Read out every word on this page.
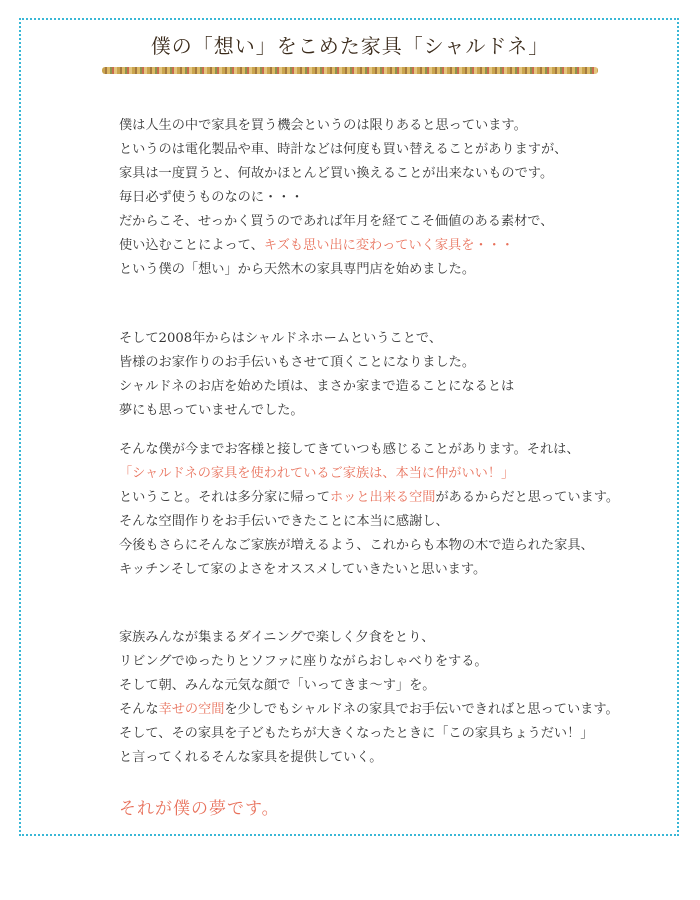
僕の「想い」をこめた家具「シャルドネ」

僕は人生の中で家具を買う機会というのは限りあると思っています。

というのは電化製品や車、時計などは何度も買い替えることがありますが、

家具は一度買うと、何故かほとんど買い換えることが出来ないものです。

毎日必ず使うものなのに・・・

だからこそ、せっかく買うのであれば年月を経てこそ価値のある素材で、

使い込むことによって、キズも思い出に変わっていく家具を・・・

という僕の「想い」から天然木の家具専門店を始めました。

そして2008年からはシャルドネホームということで、

皆様のお家作りのお手伝いもさせて頂くことになりました。

シャルドネのお店を始めた頃は、まさか家まで造ることになるとは

夢にも思っていませんでした。

そんな僕が今までお客様と接してきていつも感じることがあります。それは、

「シャルドネの家具を使われているご家族は、本当に仲がいい！」

ということ。それは多分家に帰ってホッと出来る空間があるからだと思っています。

そんな空間作りをお手伝いできたことに本当に感謝し、

今後もさらにそんなご家族が増えるよう、これからも本物の木で造られた家具、

キッチンそして家のよさをオススメしていきたいと思います。

家族みんなが集まるダイニングで楽しく夕食をとり、

リビングでゆったりとソファに座りながらおしゃべりをする。

そして朝、みんな元気な顔で「いってきま〜す」を。

そんな幸せの空間を少しでもシャルドネの家具でお手伝いできればと思っています。

そして、その家具を子どもたちが大きくなったときに「この家具ちょうだい！」

と言ってくれるそんな家具を提供していく。

それが僕の夢です。
